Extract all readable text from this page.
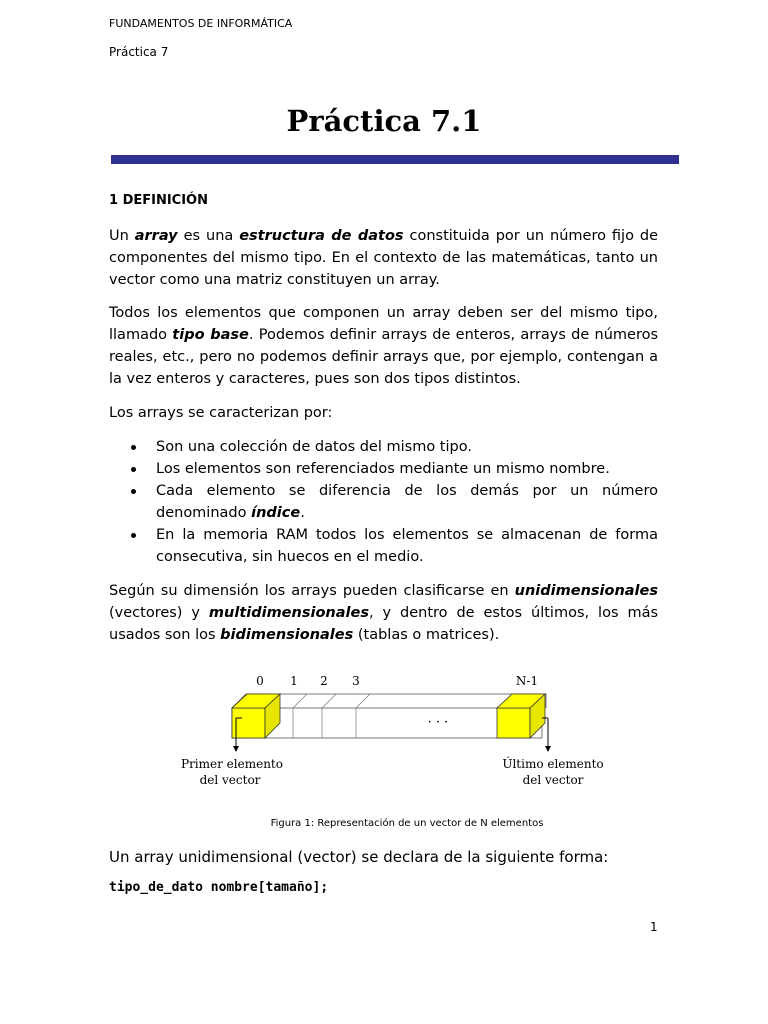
FUNDAMENTOS DE INFORMÁTICA
Práctica 7
Práctica 7.1
1 DEFINICIÓN
Un array es una estructura de datos constituida por un número fijo de componentes del mismo tipo. En el contexto de las matemáticas, tanto un vector como una matriz constituyen un array.
Todos los elementos que componen un array deben ser del mismo tipo, llamado tipo base. Podemos definir arrays de enteros, arrays de números reales, etc., pero no podemos definir arrays que, por ejemplo, contengan a la vez enteros y caracteres, pues son dos tipos distintos.
Los arrays se caracterizan por:
Son una colección de datos del mismo tipo.
Los elementos son referenciados mediante un mismo nombre.
Cada elemento se diferencia de los demás por un número denominado índice.
En la memoria RAM todos los elementos se almacenan de forma consecutiva, sin huecos en el medio.
Según su dimensión los arrays pueden clasificarse en unidimensionales (vectores) y multidimensionales, y dentro de estos últimos, los más usados son los bidimensionales (tablas o matrices).
0 1 2 3	N-1
· · ·
Primer elemento
del vector
Último elemento
del vector
Figura 1: Representación de un vector de N elementos
Un array unidimensional (vector) se declara de la siguiente forma:
tipo_de_dato nombre[tamaño];
1
